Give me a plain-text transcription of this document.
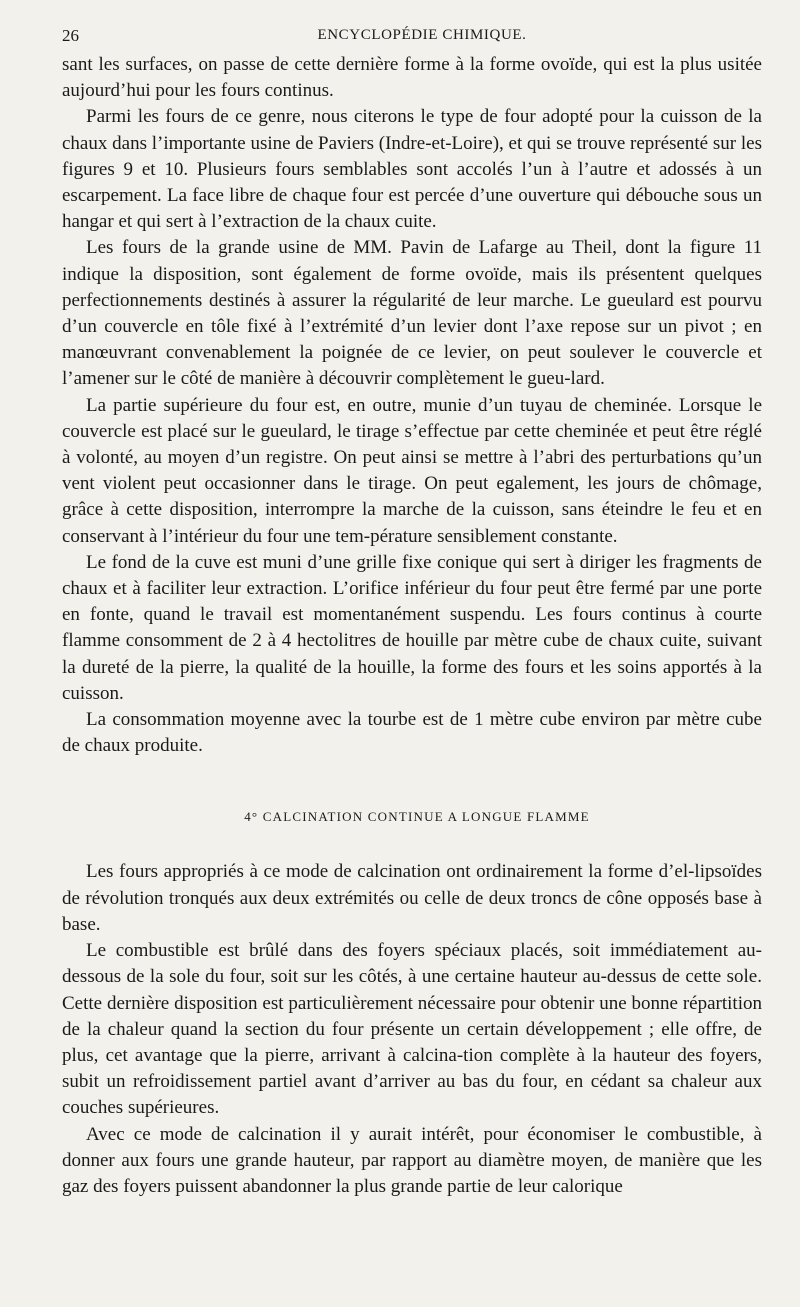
26	ENCYCLOPÉDIE CHIMIQUE.

sant les surfaces, on passe de cette dernière forme à la forme ovoïde, qui est la plus usitée aujourd’hui pour les fours continus.

Parmi les fours de ce genre, nous citerons le type de four adopté pour la cuisson de la chaux dans l’importante usine de Paviers (Indre-et-Loire), et qui se trouve représenté sur les figures 9 et 10. Plusieurs fours semblables sont accolés l’un à l’autre et adossés à un escarpement. La face libre de chaque four est percée d’une ouverture qui débouche sous un hangar et qui sert à l’extraction de la chaux cuite.

Les fours de la grande usine de MM. Pavin de Lafarge au Theil, dont la figure 11 indique la disposition, sont également de forme ovoïde, mais ils présentent quelques perfectionnements destinés à assurer la régularité de leur marche. Le gueulard est pourvu d’un couvercle en tôle fixé à l’extrémité d’un levier dont l’axe repose sur un pivot ; en manœuvrant convenablement la poignée de ce levier, on peut soulever le couvercle et l’amener sur le côté de manière à découvrir complètement le gueu-lard.

La partie supérieure du four est, en outre, munie d’un tuyau de cheminée. Lorsque le couvercle est placé sur le gueulard, le tirage s’effectue par cette cheminée et peut être réglé à volonté, au moyen d’un registre. On peut ainsi se mettre à l’abri des perturbations qu’un vent violent peut occasionner dans le tirage. On peut egalement, les jours de chômage, grâce à cette disposition, interrompre la marche de la cuisson, sans éteindre le feu et en conservant à l’intérieur du four une tem-pérature sensiblement constante.

Le fond de la cuve est muni d’une grille fixe conique qui sert à diriger les fragments de chaux et à faciliter leur extraction. L’orifice inférieur du four peut être fermé par une porte en fonte, quand le travail est momentanément suspendu. Les fours continus à courte flamme consomment de 2 à 4 hectolitres de houille par mètre cube de chaux cuite, suivant la dureté de la pierre, la qualité de la houille, la forme des fours et les soins apportés à la cuisson.

La consommation moyenne avec la tourbe est de 1 mètre cube environ par mètre cube de chaux produite.

4° CALCINATION CONTINUE A LONGUE FLAMME

Les fours appropriés à ce mode de calcination ont ordinairement la forme d’el-lipsoïdes de révolution tronqués aux deux extrémités ou celle de deux troncs de cône opposés base à base.

Le combustible est brûlé dans des foyers spéciaux placés, soit immédiatement au-dessous de la sole du four, soit sur les côtés, à une certaine hauteur au-dessus de cette sole. Cette dernière disposition est particulièrement nécessaire pour obtenir une bonne répartition de la chaleur quand la section du four présente un certain développement ; elle offre, de plus, cet avantage que la pierre, arrivant à calcina-tion complète à la hauteur des foyers, subit un refroidissement partiel avant d’arriver au bas du four, en cédant sa chaleur aux couches supérieures.

Avec ce mode de calcination il y aurait intérêt, pour économiser le combustible, à donner aux fours une grande hauteur, par rapport au diamètre moyen, de manière que les gaz des foyers puissent abandonner la plus grande partie de leur calorique
